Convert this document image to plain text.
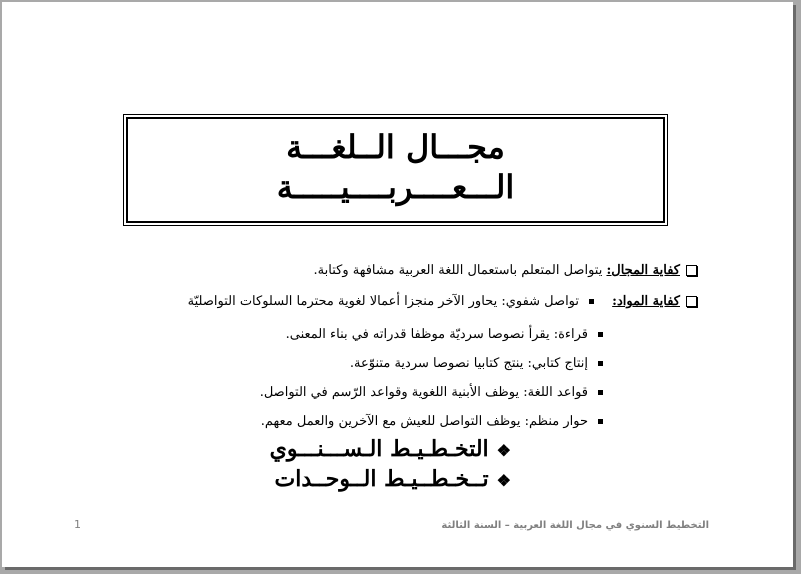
مجـــال الــلغـــة
الـــعــــربــــيـــــة
كفاية المجال: يتواصل المتعلم باستعمال اللغة العربية مشافهة وكتابة.
كفاية المواد: تواصل شفوي: يحاور الآخر منجزا أعمالا لغوية محترما السلوكات التواصليّة
قراءة: يقرأ نصوصا سرديّة موظفا قدراته في بناء المعنى.
إنتاج كتابي: ينتج كتابيا نصوصا سردية متنوّعة.
قواعد اللغة: يوظف الأبنية اللغوية وقواعد الرّسم في التواصل.
حوار منظم: يوظف التواصل للعيش مع الآخرين والعمل معهم.
❖التخـطـيـط الـســـنـــوي
❖تــخـطــيـط الــوحــدات
التخطيط السنوي في مجال اللغة العربية – السنة الثالثة
1
